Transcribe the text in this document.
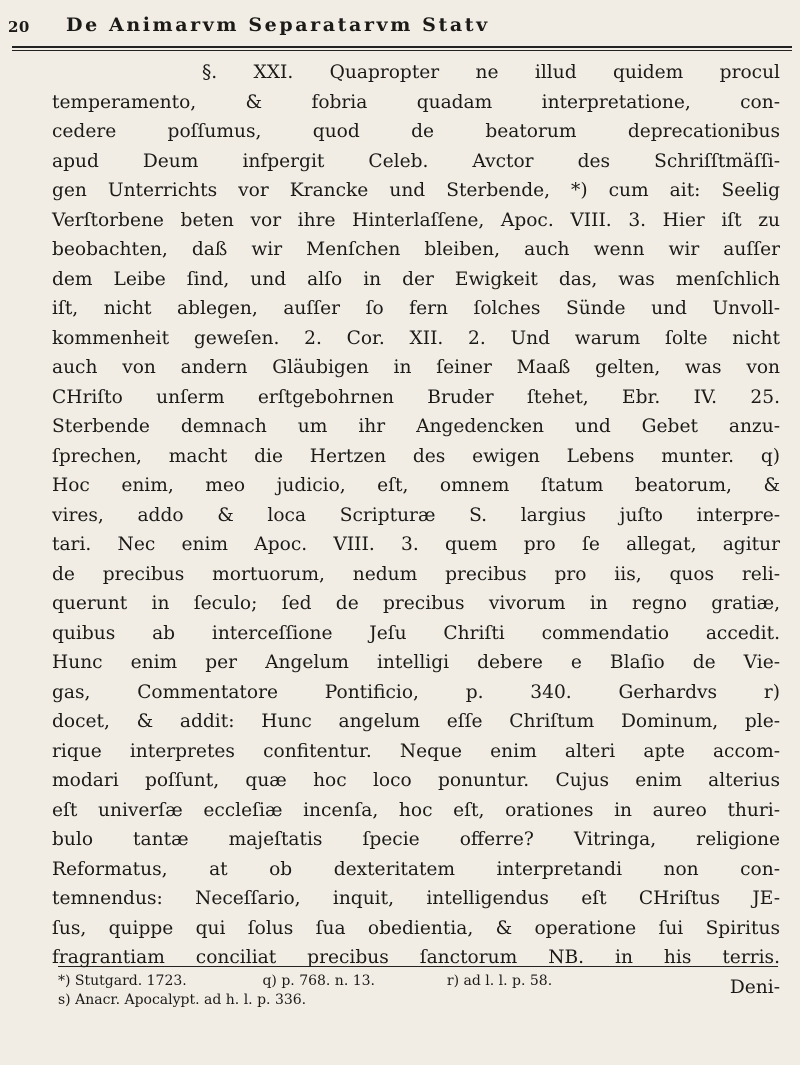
20 De Animarvm Separatarvm Statv
§. XXI. Quapropter ne illud quidem procul
temperamento, & fobria quadam interpretatione, con-
cedere poſſumus, quod de beatorum deprecationibus
apud Deum infpergit Celeb. Avctor des Schriſſtmäſſi-
gen Unterrichts vor Krancke und Sterbende, *) cum ait: Seelig
Verſtorbene beten vor ihre Hinterlaſſene, Apoc. VIII. 3. Hier iſt zu
beobachten, daß wir Menſchen bleiben, auch wenn wir auſſer
dem Leibe ſind, und alſo in der Ewigkeit das, was menſchlich
iſt, nicht ablegen, auſſer ſo fern ſolches Sünde und Unvoll-
kommenheit geweſen. 2. Cor. XII. 2. Und warum ſolte nicht
auch von andern Gläubigen in ſeiner Maaß gelten, was von
CHriſto unſerm erſtgebohrnen Bruder ſtehet, Ebr. IV. 25.
Sterbende demnach um ihr Angedencken und Gebet anzu-
ſprechen, macht die Hertzen des ewigen Lebens munter. q)
Hoc enim, meo judicio, eſt, omnem ſtatum beatorum, &
vires, addo & loca Scripturæ S. largius juſto interpre-
tari. Nec enim Apoc. VIII. 3. quem pro ſe allegat, agitur
de precibus mortuorum, nedum precibus pro iis, quos reli-
querunt in ſeculo; ſed de precibus vivorum in regno gratiæ,
quibus ab interceſſione Jeſu Chriſti commendatio accedit.
Hunc enim per Angelum intelligi debere e Blaſio de Vie-
gas, Commentatore Pontificio, p. 340. Gerhardvs r)
docet, & addit: Hunc angelum eſſe Chriſtum Dominum, ple-
rique interpretes confitentur. Neque enim alteri apte accom-
modari poſſunt, quæ hoc loco ponuntur. Cujus enim alterius
eſt univerſæ eccleſiæ incenſa, hoc eſt, orationes in aureo thuri-
bulo tantæ majeſtatis ſpecie offerre? Vitringa, religione
Reformatus, at ob dexteritatem interpretandi non con-
temnendus: Neceſſario, inquit, intelligendus eſt CHriſtus JE-
ſus, quippe qui ſolus ſua obedientia, & operatione ſui Spiritus
fragrantiam conciliat precibus ſanctorum NB. in his terris.
Deni-
*) Stutgard. 1723.	q) p. 768. n. 13.	r) ad l. l. p. 58.
s) Anacr. Apocalypt. ad h. l. p. 336.
